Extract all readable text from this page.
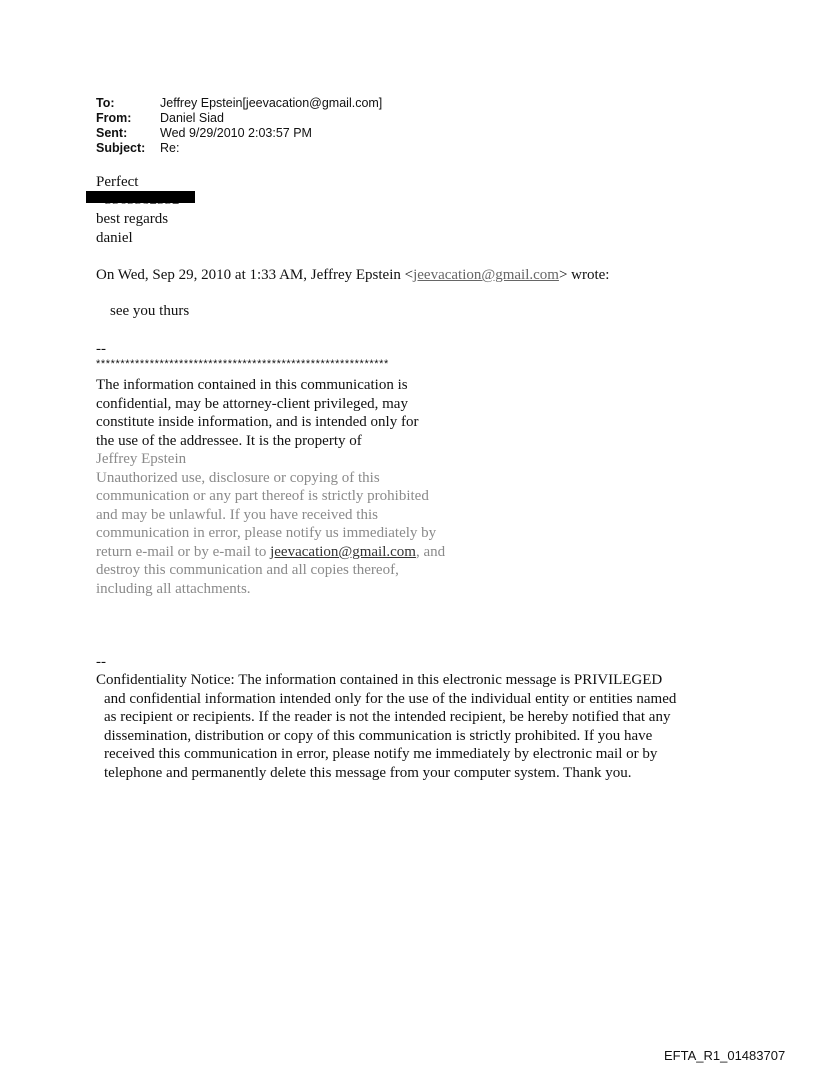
To:	Jeffrey Epstein[jeevacation@gmail.com]
From:	Daniel Siad
Sent:	Wed 9/29/2010 2:03:57 PM
Subject:	Re:
Perfect
best regards
daniel
On Wed, Sep 29, 2010 at 1:33 AM, Jeffrey Epstein <jeevacation@gmail.com> wrote:
see you thurs
--
************************************************************
The information contained in this communication is
confidential, may be attorney-client privileged, may
constitute inside information, and is intended only for
the use of the addressee. It is the property of
Jeffrey Epstein
Unauthorized use, disclosure or copying of this
communication or any part thereof is strictly prohibited
and may be unlawful. If you have received this
communication in error, please notify us immediately by
return e-mail or by e-mail to jeevacation@gmail.com, and
destroy this communication and all copies thereof,
including all attachments.
--
Confidentiality Notice: The information contained in this electronic message is PRIVILEGED
and confidential information intended only for the use of the individual entity or entities named
as recipient or recipients. If the reader is not the intended recipient, be hereby notified that any
dissemination, distribution or copy of this communication is strictly prohibited. If you have
received this communication in error, please notify me immediately by electronic mail or by
telephone and permanently delete this message from your computer system. Thank you.
EFTA_R1_01483707
